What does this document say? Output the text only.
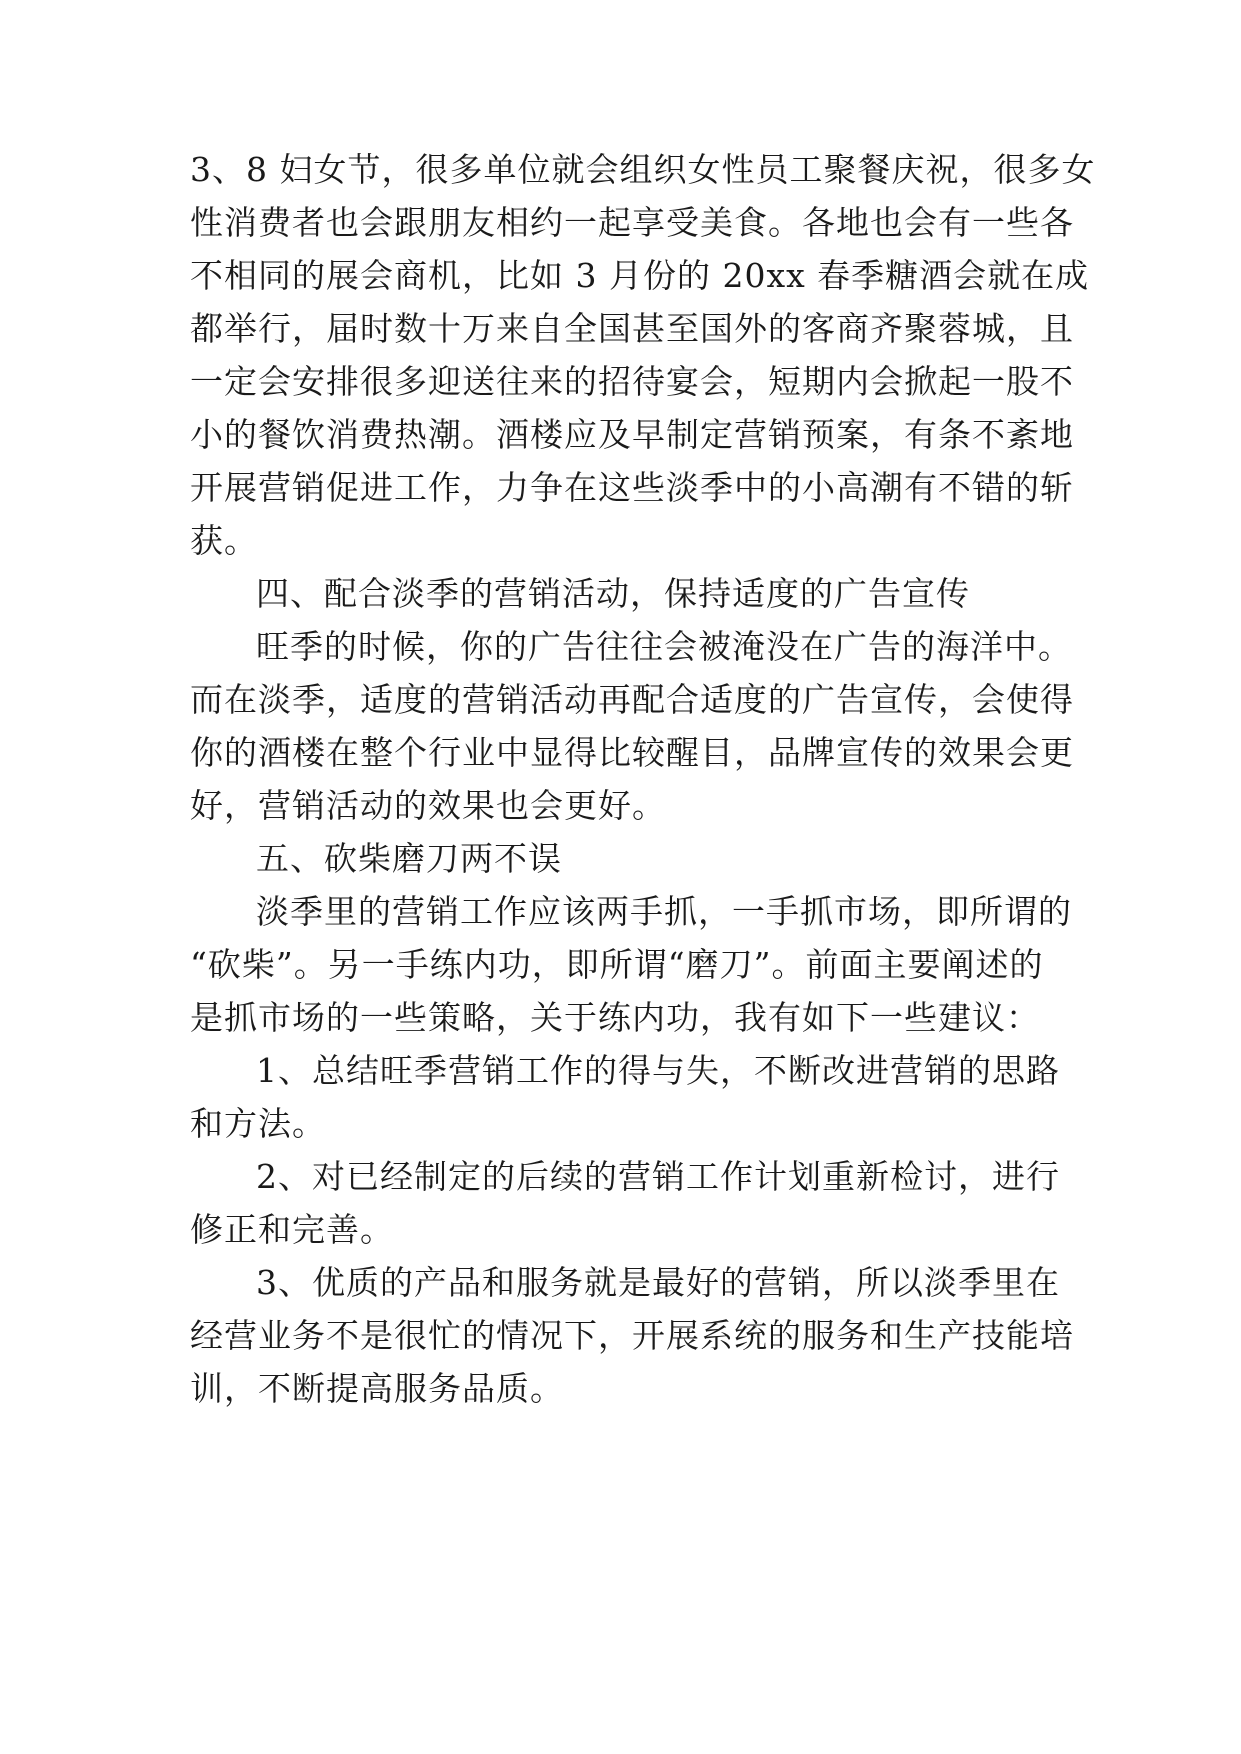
3、8 妇女节，很多单位就会组织女性员工聚餐庆祝，很多女
性消费者也会跟朋友相约一起享受美食。各地也会有一些各
不相同的展会商机，比如 3 月份的 20xx 春季糖酒会就在成
都举行，届时数十万来自全国甚至国外的客商齐聚蓉城，且
一定会安排很多迎送往来的招待宴会，短期内会掀起一股不
小的餐饮消费热潮。酒楼应及早制定营销预案，有条不紊地
开展营销促进工作，力争在这些淡季中的小高潮有不错的斩
获。
四、配合淡季的营销活动，保持适度的广告宣传
旺季的时候，你的广告往往会被淹没在广告的海洋中。
而在淡季，适度的营销活动再配合适度的广告宣传，会使得
你的酒楼在整个行业中显得比较醒目，品牌宣传的效果会更
好，营销活动的效果也会更好。
五、砍柴磨刀两不误
淡季里的营销工作应该两手抓，一手抓市场，即所谓的
“砍柴”。另一手练内功，即所谓“磨刀”。前面主要阐述的
是抓市场的一些策略，关于练内功，我有如下一些建议：
1、总结旺季营销工作的得与失，不断改进营销的思路
和方法。
2、对已经制定的后续的营销工作计划重新检讨，进行
修正和完善。
3、优质的产品和服务就是最好的营销，所以淡季里在
经营业务不是很忙的情况下，开展系统的服务和生产技能培
训，不断提高服务品质。
